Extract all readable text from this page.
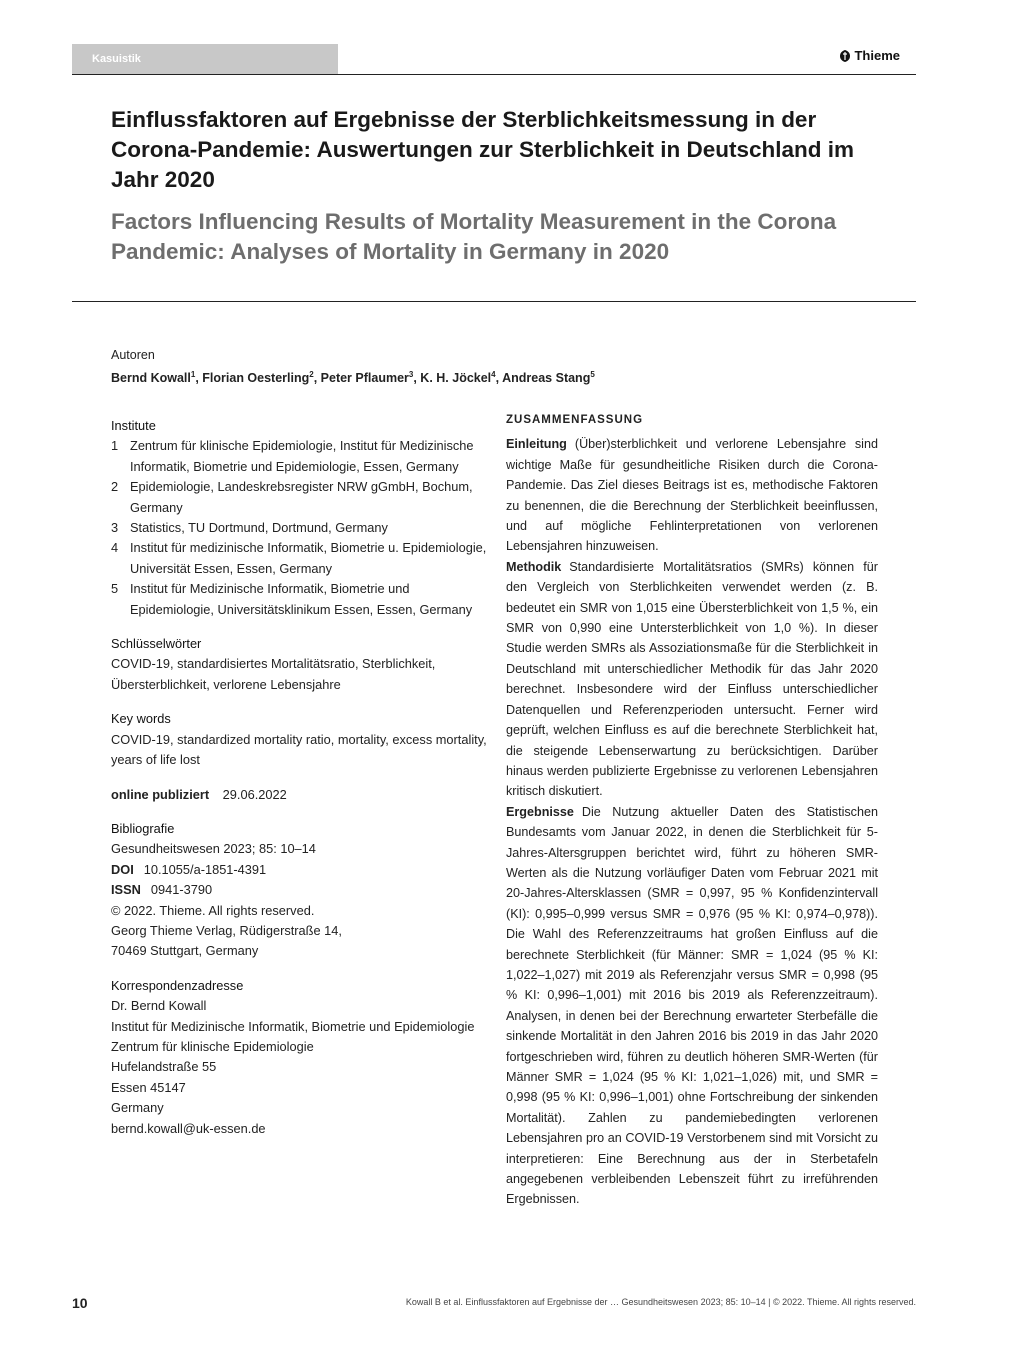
Kasuistik	Thieme
Einflussfaktoren auf Ergebnisse der Sterblichkeitsmessung in der Corona-Pandemie: Auswertungen zur Sterblichkeit in Deutschland im Jahr 2020
Factors Influencing Results of Mortality Measurement in the Corona Pandemic: Analyses of Mortality in Germany in 2020
Autoren
Bernd Kowall$^1$, Florian Oesterling$^2$, Peter Pflaumer$^3$, K. H. Jöckel$^4$, Andreas Stang$^5$
Institute
1 Zentrum für klinische Epidemiologie, Institut für Medizinische Informatik, Biometrie und Epidemiologie, Essen, Germany
2 Epidemiologie, Landeskrebsregister NRW gGmbH, Bochum, Germany
3 Statistics, TU Dortmund, Dortmund, Germany
4 Institut für medizinische Informatik, Biometrie u. Epidemiologie, Universität Essen, Essen, Germany
5 Institut für Medizinische Informatik, Biometrie und Epidemiologie, Universitätsklinikum Essen, Essen, Germany
Schlüsselwörter
COVID-19, standardisiertes Mortalitätsratio, Sterblichkeit, Übersterblichkeit, verlorene Lebensjahre
Key words
COVID-19, standardized mortality ratio, mortality, excess mortality, years of life lost
online publiziert 29.06.2022
Bibliografie
Gesundheitswesen 2023; 85: 10–14
DOI 10.1055/a-1851-4391
ISSN 0941-3790
© 2022. Thieme. All rights reserved.
Georg Thieme Verlag, Rüdigerstraße 14,
70469 Stuttgart, Germany
Korrespondenzadresse
Dr. Bernd Kowall
Institut für Medizinische Informatik, Biometrie und Epidemiologie
Zentrum für klinische Epidemiologie
Hufelandstraße 55
Essen 45147
Germany
bernd.kowall@uk-essen.de
ZUSAMMENFASSUNG

Einleitung (Über)sterblichkeit und verlorene Lebensjahre sind wichtige Maße für gesundheitliche Risiken durch die Corona-Pandemie. Das Ziel dieses Beitrags ist es, methodische Faktoren zu benennen, die die Berechnung der Sterblichkeit beeinflussen, und auf mögliche Fehlinterpretationen von verlorenen Lebensjahren hinzuweisen.

Methodik Standardisierte Mortalitätsratios (SMRs) können für den Vergleich von Sterblichkeiten verwendet werden (z. B. bedeutet ein SMR von 1,015 eine Übersterblichkeit von 1,5 %, ein SMR von 0,990 eine Untersterblichkeit von 1,0 %). In dieser Studie werden SMRs als Assoziationsmaße für die Sterblichkeit in Deutschland mit unterschiedlicher Methodik für das Jahr 2020 berechnet. Insbesondere wird der Einfluss unterschiedlicher Datenquellen und Referenzperioden untersucht. Ferner wird geprüft, welchen Einfluss es auf die berechnete Sterblichkeit hat, die steigende Lebenserwartung zu berücksichtigen. Darüber hinaus werden publizierte Ergebnisse zu verlorenen Lebensjahren kritisch diskutiert.

Ergebnisse Die Nutzung aktueller Daten des Statistischen Bundesamts vom Januar 2022, in denen die Sterblichkeit für 5-Jahres-Altersgruppen berichtet wird, führt zu höheren SMR-Werten als die Nutzung vorläufiger Daten vom Februar 2021 mit 20-Jahres-Altersklassen (SMR = 0,997, 95 % Konfidenzintervall (KI): 0,995–0,999 versus SMR = 0,976 (95 % KI: 0,974–0,978)). Die Wahl des Referenzzeitraums hat großen Einfluss auf die berechnete Sterblichkeit (für Männer: SMR = 1,024 (95 % KI: 1,022–1,027) mit 2019 als Referenzjahr versus SMR = 0,998 (95 % KI: 0,996–1,001) mit 2016 bis 2019 als Referenzzeitraum). Analysen, in denen bei der Berechnung erwarteter Sterbefälle die sinkende Mortalität in den Jahren 2016 bis 2019 in das Jahr 2020 fortgeschrieben wird, führen zu deutlich höheren SMR-Werten (für Männer SMR = 1,024 (95 % KI: 1,021–1,026) mit, und SMR = 0,998 (95 % KI: 0,996–1,001) ohne Fortschreibung der sinkenden Mortalität). Zahlen zu pandemiebedingten verlorenen Lebensjahren pro an COVID-19 Verstorbenem sind mit Vorsicht zu interpretieren: Eine Berechnung aus der in Sterbetafeln angegebenen verbleibenden Lebenszeit führt zu irreführenden Ergebnissen.

10	Kowall B et al. Einflussfaktoren auf Ergebnisse der … Gesundheitswesen 2023; 85: 10–14 | © 2022. Thieme. All rights reserved.
